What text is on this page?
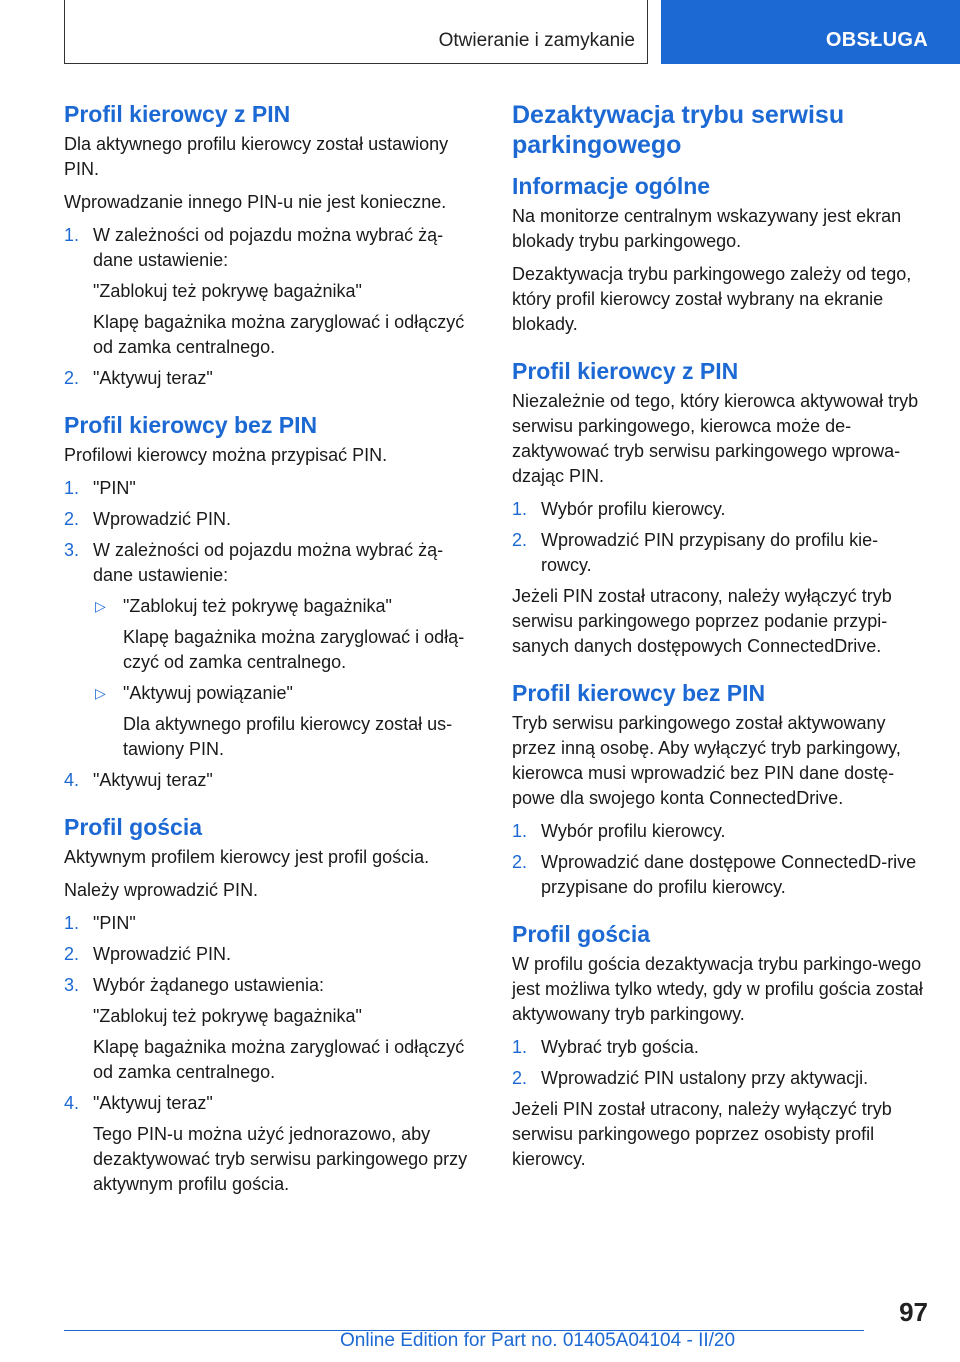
Otwieranie i zamykanie	OBSŁUGA
Profil kierowcy z PIN

Dla aktywnego profilu kierowcy został ustawiony PIN.

Wprowadzanie innego PIN-u nie jest konieczne.

1. W zależności od pojazdu można wybrać żą-dane ustawienie:

"Zablokuj też pokrywę bagażnika"

Klapę bagażnika można zaryglować i odłączyć od zamka centralnego.

2. "Aktywuj teraz"
Profil kierowcy bez PIN

Profilowi kierowcy można przypisać PIN.

1. "PIN"
2. Wprowadzić PIN.
3. W zależności od pojazdu można wybrać żą-dane ustawienie:
▷ "Zablokuj też pokrywę bagażnika"

Klapę bagażnika można zaryglować i odłą-czyć od zamka centralnego.

▷ "Aktywuj powiązanie"

Dla aktywnego profilu kierowcy został us-tawiony PIN.

4. "Aktywuj teraz"
Profil gościa

Aktywnym profilem kierowcy jest profil gościa.

Należy wprowadzić PIN.

1. "PIN"
2. Wprowadzić PIN.
3. Wybór żądanego ustawienia:

"Zablokuj też pokrywę bagażnika"

Klapę bagażnika można zaryglować i odłączyć od zamka centralnego.

4. "Aktywuj teraz"

Tego PIN-u można użyć jednorazowo, aby dezaktywować tryb serwisu parkingowego przy aktywnym profilu gościa.

Dezaktywacja trybu serwisu parkingowego
Informacje ogólne

Na monitorze centralnym wskazywany jest ekran blokady trybu parkingowego.

Dezaktywacja trybu parkingowego zależy od tego, który profil kierowcy został wybrany na ekranie blokady.

Profil kierowcy z PIN

Niezależnie od tego, który kierowca aktywował tryb serwisu parkingowego, kierowca może de-zaktywować tryb serwisu parkingowego wprowa-dzając PIN.

1. Wybór profilu kierowcy.
2. Wprowadzić PIN przypisany do profilu kie-rowcy.

Jeżeli PIN został utracony, należy wyłączyć tryb serwisu parkingowego poprzez podanie przypi-sanych danych dostępowych ConnectedDrive.

Profil kierowcy bez PIN

Tryb serwisu parkingowego został aktywowany przez inną osobę. Aby wyłączyć tryb parkingowy, kierowca musi wprowadzić bez PIN dane dostę-powe dla swojego konta ConnectedDrive.

1. Wybór profilu kierowcy.
2. Wprowadzić dane dostępowe ConnectedD-rive przypisane do profilu kierowcy.
Profil gościa

W profilu gościa dezaktywacja trybu parkingo-wego jest możliwa tylko wtedy, gdy w profilu gościa został aktywowany tryb parkingowy.

1. Wybrać tryb gościa.
2. Wprowadzić PIN ustalony przy aktywacji.

Jeżeli PIN został utracony, należy wyłączyć tryb serwisu parkingowego poprzez osobisty profil kierowcy.

97
Online Edition for Part no. 01405A04104 - II/20
